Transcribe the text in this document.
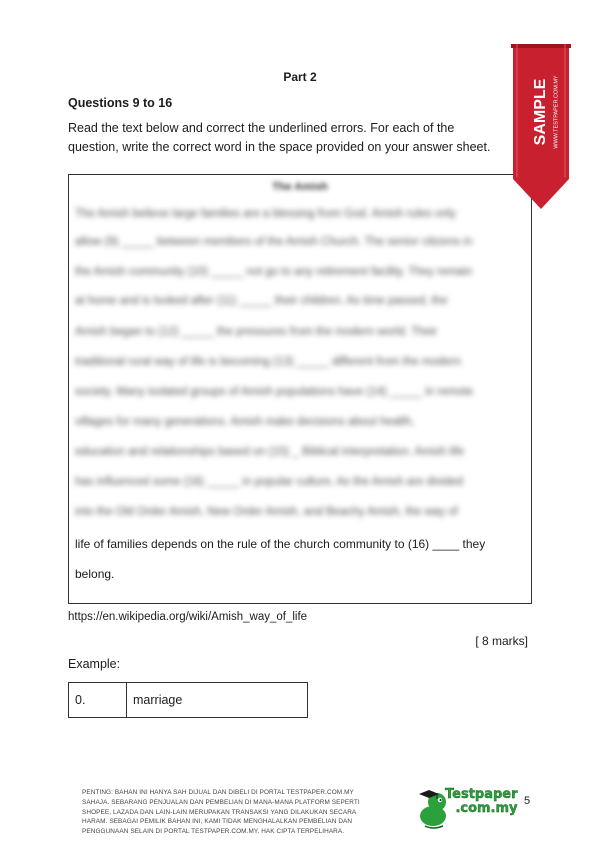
Part 2
Questions 9 to 16
Read the text below and correct the underlined errors. For each of the
question, write the correct word in the space provided on your answer sheet.
The Amish
The Amish believe large families are a blessing from God. Amish rules only
allow (9) _____ between members of the Amish Church. The senior citizens in
the Amish community (10) _____ not go to any retirement facility. They remain
at home and is looked after (11) _____ their children. As time passed, the
Amish began to (12) _____ the pressures from the modern world. Their
traditional rural way of life is becoming (13) _____ different from the modern
society. Many isolated groups of Amish populations have (14) _____ in remote
villages for many generations. Amish make decisions about health,
education and relationships based on (15) _ Biblical interpretation. Amish life
has influenced some (16) _____ in popular culture. As the Amish are divided
into the Old Order Amish, New Order Amish, and Beachy Amish, the way of
life of families depends on the rule of the church community to (16) ____ they
belong.
https://en.wikipedia.org/wiki/Amish_way_of_life
[ 8 marks]
Example:
0.	marriage
PENTING: BAHAN INI HANYA SAH DIJUAL DAN DIBELI DI PORTAL TESTPAPER.COM.MY
SAHAJA. SEBARANG PENJUALAN DAN PEMBELIAN DI MANA-MANA PLATFORM SEPERTI
SHOPEE, LAZADA DAN LAIN-LAIN MERUPAKAN TRANSAKSI YANG DILAKUKAN SECARA
HARAM. SEBAGAI PEMILIK BAHAN INI, KAMI TIDAK MENGHALALKAN PEMBELIAN DAN
PENGGUNAAN SELAIN DI PORTAL TESTPAPER.COM.MY. HAK CIPTA TERPELIHARA.
Testpaper
.com.my 5
SAMPLE WWW.TESTPAPER.COM.MY
